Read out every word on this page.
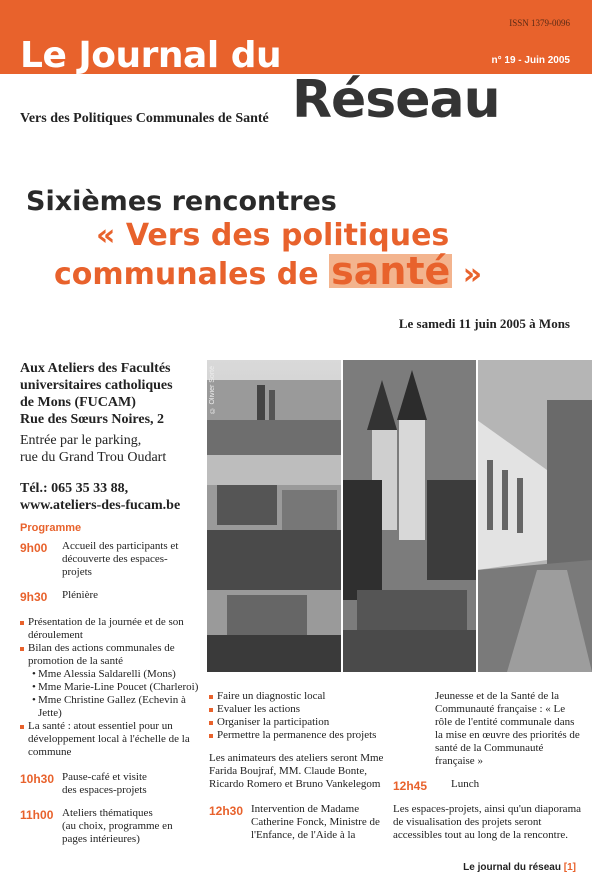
ISSN 1379-0096
Le Journal du	n° 19 - Juin 2005
Réseau
Vers des Politiques Communales de Santé
Sixièmes rencontres
« Vers des politiques
communales de santé »
Le samedi 11 juin 2005 à Mons
Aux Ateliers des Facultés
universitaires catholiques
de Mons (FUCAM)
Rue des Sœurs Noires, 2
Entrée par le parking,
rue du Grand Trou Oudart
Tél.: 065 35 33 88,
www.ateliers-des-fucam.be
Programme
9h00	Accueil des participants et
découverte des espaces-
projets
9h30	Plénière
Présentation de la journée et de son déroulement
Bilan des actions communales de promotion de la santé
• Mme Alessia Saldarelli (Mons)
• Mme Marie-Line Poucet (Charleroi)
• Mme Christine Gallez (Echevin à Jette)
La santé : atout essentiel pour un développement local à l'échelle de la commune
10h30 Pause-café et visite
des espaces-projets
11h00 Ateliers thématiques
(au choix, programme en
pages intérieures)
© Olivier Sorté
Faire un diagnostic local
Evaluer les actions
Organiser la participation
Permettre la permanence des projets
Les animateurs des ateliers seront Mme Farida Boujraf, MM. Claude Bonte, Ricardo Romero et Bruno Vankelegom
12h30 Intervention de Madame Catherine Fonck, Ministre de l'Enfance, de l'Aide à la
Jeunesse et de la Santé de la Communauté française : « Le rôle de l'entité communale dans la mise en œuvre des priorités de santé de la Communauté française »
12h45	Lunch
Les espaces-projets, ainsi qu'un diaporama de visualisation des projets seront accessibles tout au long de la rencontre.
Le journal du réseau [1]
